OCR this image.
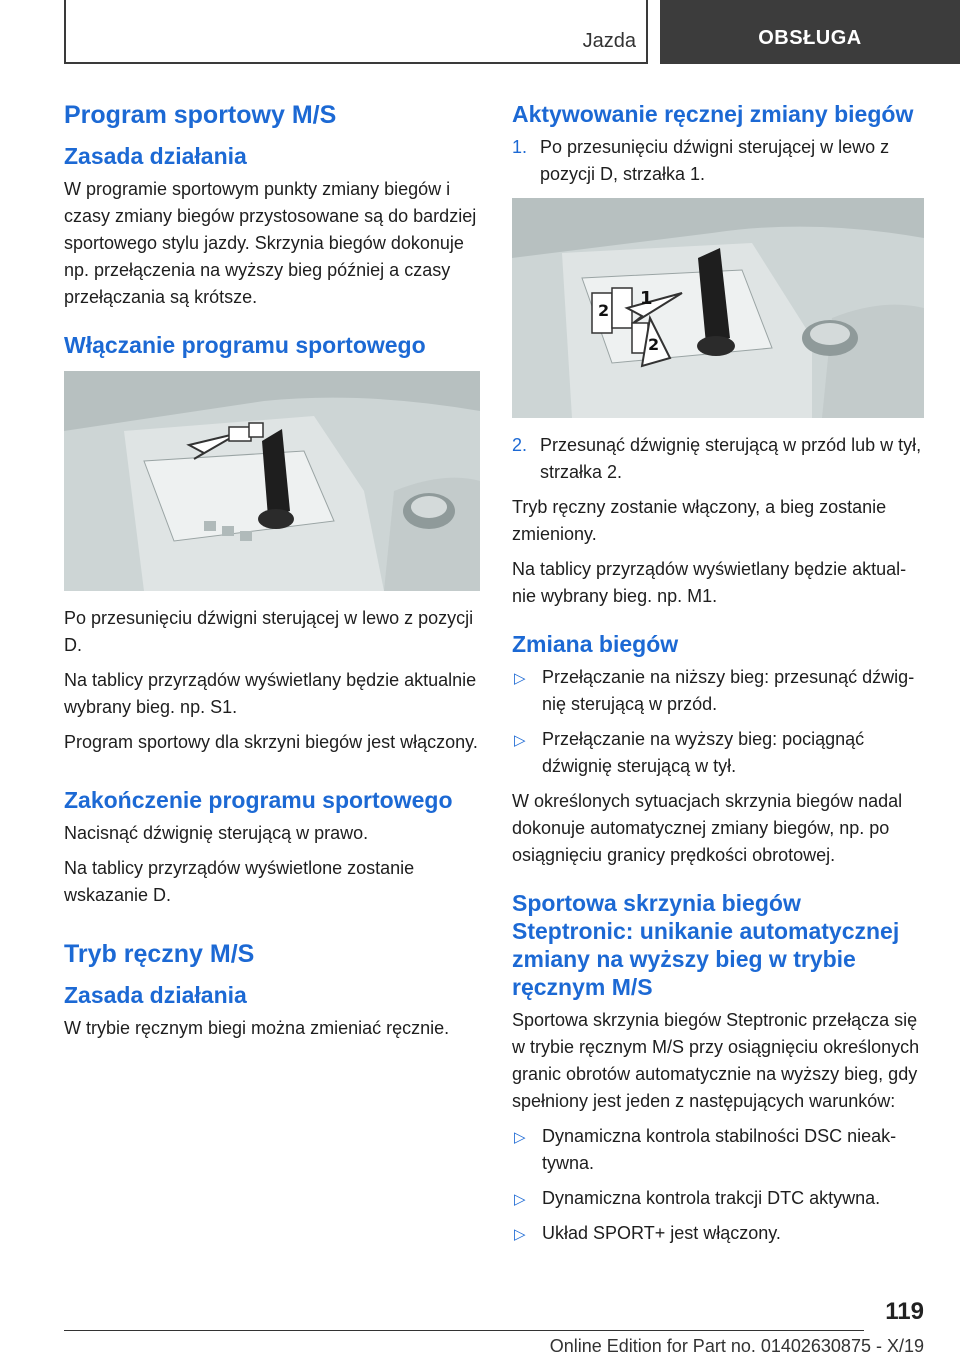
Jazda	OBSŁUGA
Program sportowy M/S
Zasada działania

W programie sportowym punkty zmiany biegów i czasy zmiany biegów przystosowane są do bardziej sportowego stylu jazdy. Skrzynia biegów dokonuje np. przełączenia na wyższy bieg później a czasy przełączania są krótsze.

Włączanie programu sportowego

Po przesunięciu dźwigni sterującej w lewo z pozycji D.

Na tablicy przyrządów wyświetlany będzie aktualnie wybrany bieg. np. S1.

Program sportowy dla skrzyni biegów jest włączony.

Zakończenie programu sportowego

Nacisnąć dźwignię sterującą w prawo.

Na tablicy przyrządów wyświetlone zostanie wskazanie D.

Tryb ręczny M/S
Zasada działania

W trybie ręcznym biegi można zmieniać ręcznie.

Aktywowanie ręcznej zmiany biegów
1. Po przesunięciu dźwigni sterującej w lewo z pozycji D, strzałka 1.
1
2
2
2. Przesunąć dźwignię sterującą w przód lub w tył, strzałka 2.

Tryb ręczny zostanie włączony, a bieg zostanie zmieniony.

Na tablicy przyrządów wyświetlany będzie aktualnie wybrany bieg. np. M1.

Zmiana biegów
▷ Przełączanie na niższy bieg: przesunąć dźwignię sterującą w przód.
▷ Przełączanie na wyższy bieg: pociągnąć dźwignię sterującą w tył.

W określonych sytuacjach skrzynia biegów nadal dokonuje automatycznej zmiany biegów, np. po osiągnięciu granicy prędkości obrotowej.

Sportowa skrzynia biegów Steptronic: unikanie automatycznej zmiany na wyższy bieg w trybie ręcznym M/S

Sportowa skrzynia biegów Steptronic przełącza się w trybie ręcznym M/S przy osiągnięciu określonych granic obrotów automatycznie na wyższy bieg, gdy spełniony jest jeden z następujących warunków:

▷ Dynamiczna kontrola stabilności DSC nieaktywna.
▷ Dynamiczna kontrola trakcji DTC aktywna.
▷ Układ SPORT+ jest włączony.
119
Online Edition for Part no. 01402630875 - X/19
